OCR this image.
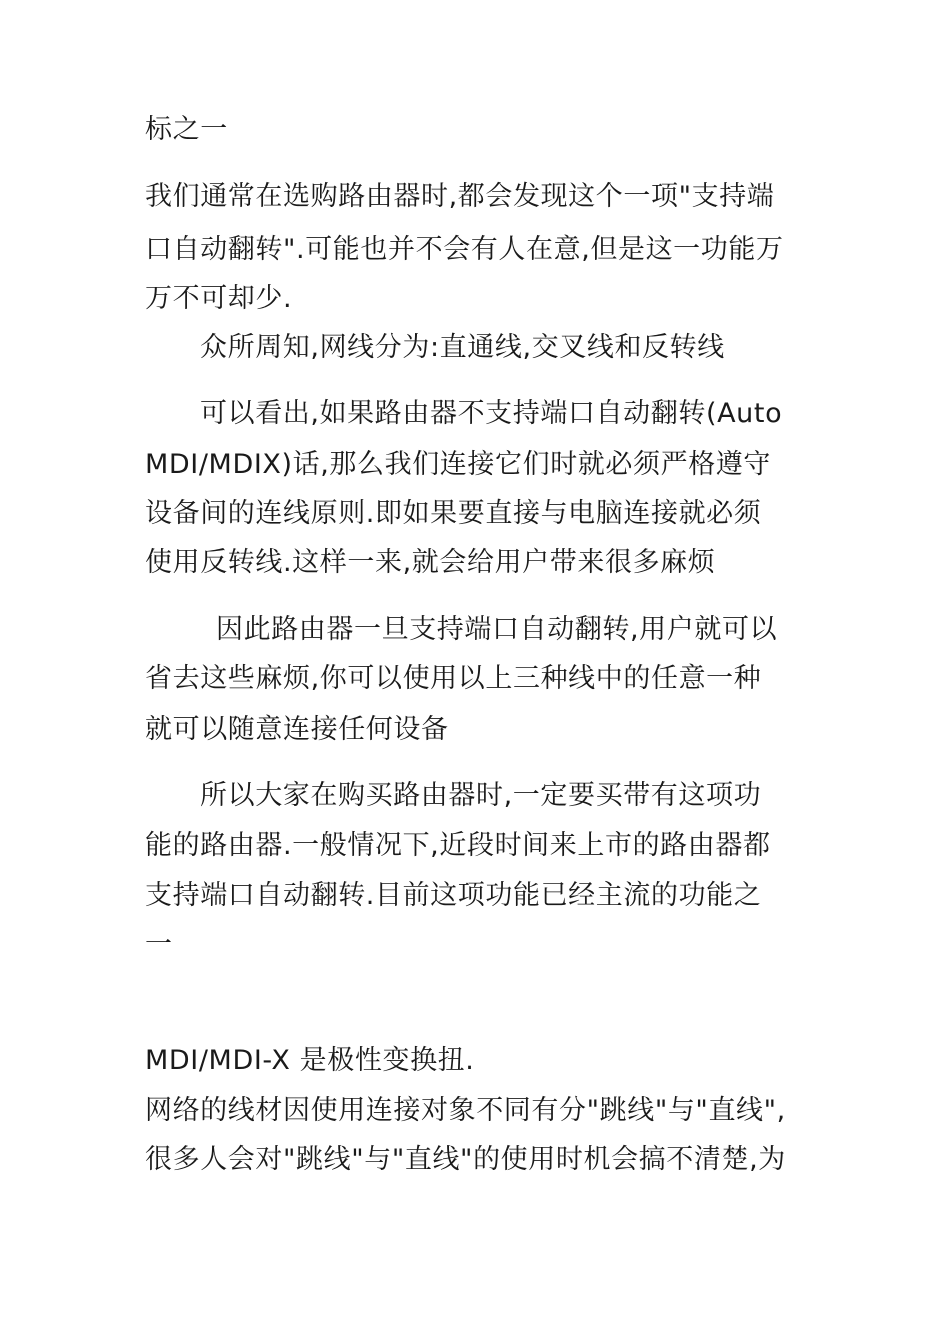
标之一
我们通常在选购路由器时,都会发现这个一项"支持端
口自动翻转".可能也并不会有人在意,但是这一功能万
万不可却少.
众所周知,网线分为:直通线,交叉线和反转线
可以看出,如果路由器不支持端口自动翻转(Auto
MDI/MDIX)话,那么我们连接它们时就必须严格遵守
设备间的连线原则.即如果要直接与电脑连接就必须
使用反转线.这样一来,就会给用户带来很多麻烦
因此路由器一旦支持端口自动翻转,用户就可以
省去这些麻烦,你可以使用以上三种线中的任意一种
就可以随意连接任何设备
所以大家在购买路由器时,一定要买带有这项功
能的路由器.一般情况下,近段时间来上市的路由器都
支持端口自动翻转.目前这项功能已经主流的功能之
一
MDI/MDI-X 是极性变换扭.
网络的线材因使用连接对象不同有分"跳线"与"直线",
很多人会对"跳线"与"直线"的使用时机会搞不清楚,为
